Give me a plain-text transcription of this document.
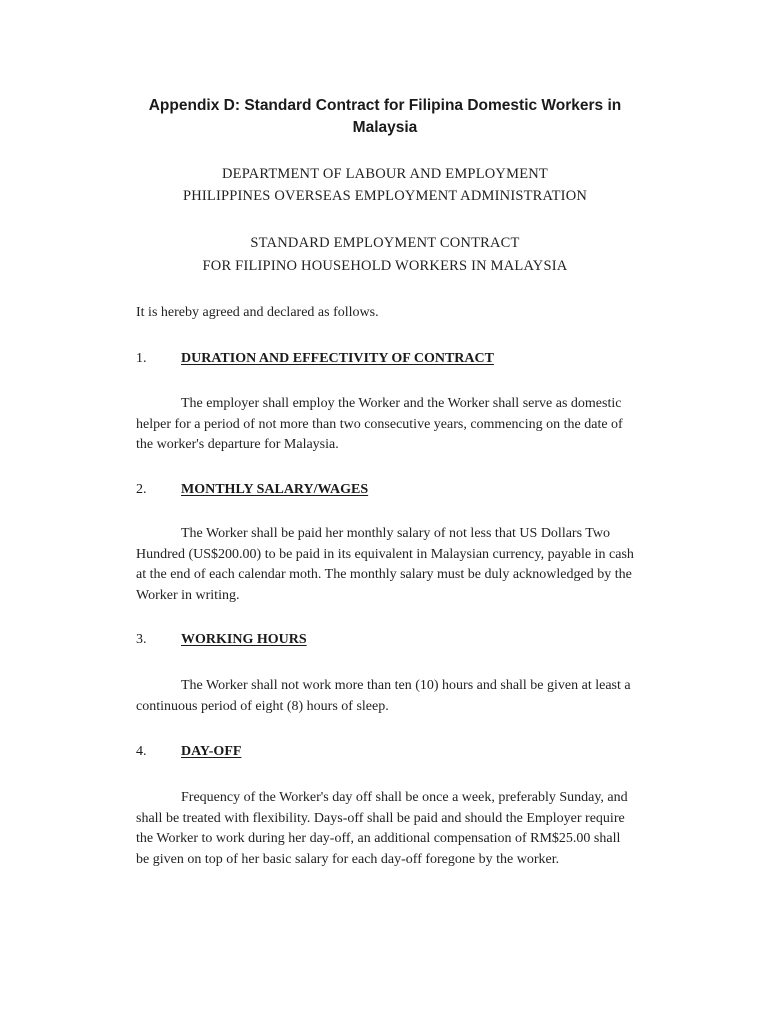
Appendix D: Standard Contract for Filipina Domestic Workers in
Malaysia
DEPARTMENT OF LABOUR AND EMPLOYMENT
PHILIPPINES OVERSEAS EMPLOYMENT ADMINISTRATION
STANDARD EMPLOYMENT CONTRACT
FOR FILIPINO HOUSEHOLD WORKERS IN MALAYSIA
It is hereby agreed and declared as follows.
1. DURATION AND EFFECTIVITY OF CONTRACT
The employer shall employ the Worker and the Worker shall serve as domestic helper for a period of not more than two consecutive years, commencing on the date of the worker's departure for Malaysia.
2. MONTHLY SALARY/WAGES
The Worker shall be paid her monthly salary of not less that US Dollars Two Hundred (US$200.00) to be paid in its equivalent in Malaysian currency, payable in cash at the end of each calendar moth. The monthly salary must be duly acknowledged by the Worker in writing.
3. WORKING HOURS
The Worker shall not work more than ten (10) hours and shall be given at least a continuous period of eight (8) hours of sleep.
4. DAY-OFF
Frequency of the Worker's day off shall be once a week, preferably Sunday, and shall be treated with flexibility. Days-off shall be paid and should the Employer require the Worker to work during her day-off, an additional compensation of RM$25.00 shall be given on top of her basic salary for each day-off foregone by the worker.
